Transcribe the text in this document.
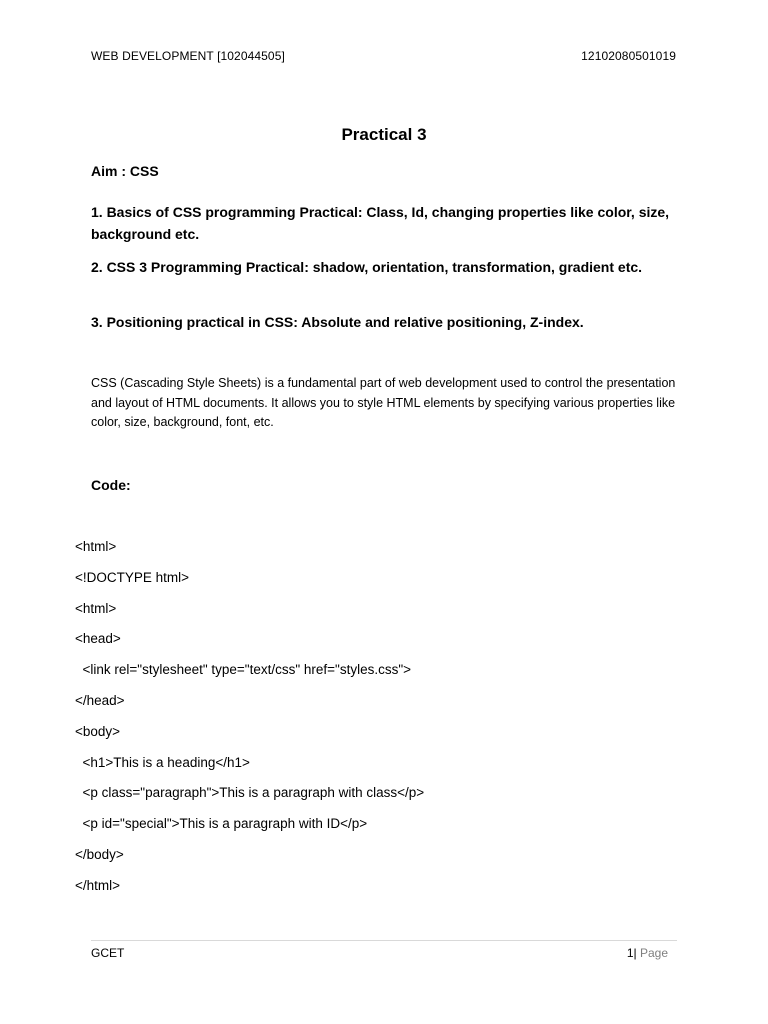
WEB DEVELOPMENT [102044505]	12102080501019
Practical 3
Aim : CSS
1. Basics of CSS programming Practical: Class, Id, changing properties like color, size, background etc.
2. CSS 3 Programming Practical: shadow, orientation, transformation, gradient etc.
3. Positioning practical in CSS: Absolute and relative positioning, Z-index.
CSS (Cascading Style Sheets) is a fundamental part of web development used to control the presentation and layout of HTML documents. It allows you to style HTML elements by specifying various properties like color, size, background, font, etc.
Code:
<html>
<!DOCTYPE html>
<html>
<head>
<link rel="stylesheet" type="text/css" href="styles.css">
</head>
<body>
<h1>This is a heading</h1>
<p class="paragraph">This is a paragraph with class</p>
<p id="special">This is a paragraph with ID</p>
</body>
</html>
GCET	1| Page
